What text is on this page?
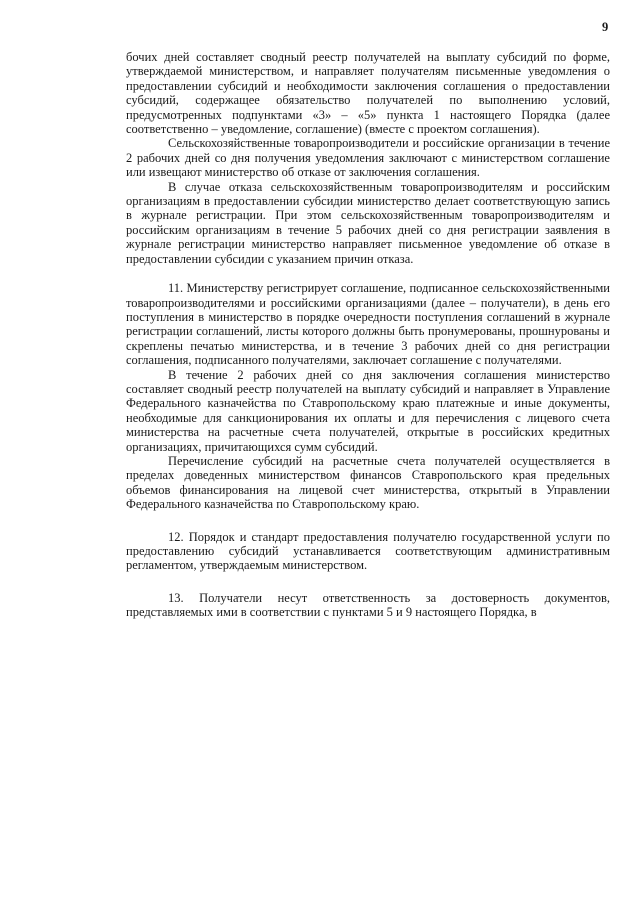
9

бочих дней составляет сводный реестр получателей на выплату субсидий по форме, утверждаемой министерством, и направляет получателям письменные уведомления о предоставлении субсидий и необходимости заключения соглашения о предоставлении субсидий, содержащее обязательство получателей по выполнению условий, предусмотренных подпунктами «3» – «5» пункта 1 настоящего Порядка (далее соответственно – уведомление, соглашение) (вместе с проектом соглашения).

Сельскохозяйственные товаропроизводители и российские организации в течение 2 рабочих дней со дня получения уведомления заключают с министерством соглашение или извещают министерство об отказе от заключения соглашения.

В случае отказа сельскохозяйственным товаропроизводителям и российским организациям в предоставлении субсидии министерство делает соответствующую запись в журнале регистрации. При этом сельскохозяйственным товаропроизводителям и российским организациям в течение 5 рабочих дней со дня регистрации заявления в журнале регистрации министерство направляет письменное уведомление об отказе в предоставлении субсидии с указанием причин отказа.

11. Министерству регистрирует соглашение, подписанное сельскохозяйственными товаропроизводителями и российскими организациями (далее – получатели), в день его поступления в министерство в порядке очередности поступления соглашений в журнале регистрации соглашений, листы которого должны быть пронумерованы, прошнурованы и скреплены печатью министерства, и в течение 3 рабочих дней со дня регистрации соглашения, подписанного получателями, заключает соглашение с получателями.

В течение 2 рабочих дней со дня заключения соглашения министерство составляет сводный реестр получателей на выплату субсидий и направляет в Управление Федерального казначейства по Ставропольскому краю платежные и иные документы, необходимые для санкционирования их оплаты и для перечисления с лицевого счета министерства на расчетные счета получателей, открытые в российских кредитных организациях, причитающихся сумм субсидий.

Перечисление субсидий на расчетные счета получателей осуществляется в пределах доведенных министерством финансов Ставропольского края предельных объемов финансирования на лицевой счет министерства, открытый в Управлении Федерального казначейства по Ставропольскому краю.

12. Порядок и стандарт предоставления получателю государственной услуги по предоставлению субсидий устанавливается соответствующим административным регламентом, утверждаемым министерством.

13. Получатели несут ответственность за достоверность документов, представляемых ими в соответствии с пунктами 5 и 9 настоящего Порядка, в
